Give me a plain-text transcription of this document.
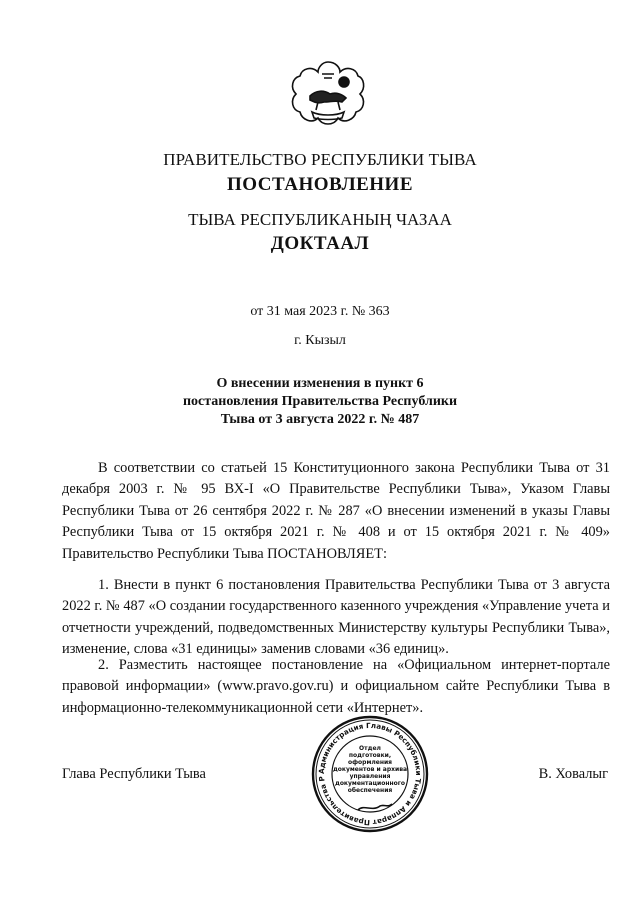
ПРАВИТЕЛЬСТВО РЕСПУБЛИКИ ТЫВА
ПОСТАНОВЛЕНИЕ
ТЫВА РЕСПУБЛИКАНЫҢ ЧАЗАА
ДОКТААЛ
от 31 мая 2023 г. № 363
г. Кызыл
О внесении изменения в пункт 6
постановления Правительства Республики
Тыва от 3 августа 2022 г. № 487

В соответствии со статьей 15 Конституционного закона Республики Тыва от 31 декабря 2003 г. № 95 ВХ-I «О Правительстве Республики Тыва», Указом Главы Республики Тыва от 26 сентября 2022 г. № 287 «О внесении изменений в указы Главы Республики Тыва от 15 октября 2021 г. № 408 и от 15 октября 2021 г. № 409» Правительство Республики Тыва ПОСТАНОВЛЯЕТ:

1. Внести в пункт 6 постановления Правительства Республики Тыва от 3 августа 2022 г. № 487 «О создании государственного казенного учреждения «Управление учета и отчетности учреждений, подведомственных Министерству культуры Республики Тыва», изменение, слова «31 единицы» заменив словами «36 единиц».

2. Разместить настоящее постановление на «Официальном интернет-портале правовой информации» (www.pravo.gov.ru) и официальном сайте Республики Тыва в информационно-телекоммуникационной сети «Интернет».

Глава Республики Тыва	В. Ховалыг
Администрация Главы Республики Тыва и Аппарат Правительства Р
Отдел
подготовки,
оформления
документов и архива
управления
документационного
обеспечения
